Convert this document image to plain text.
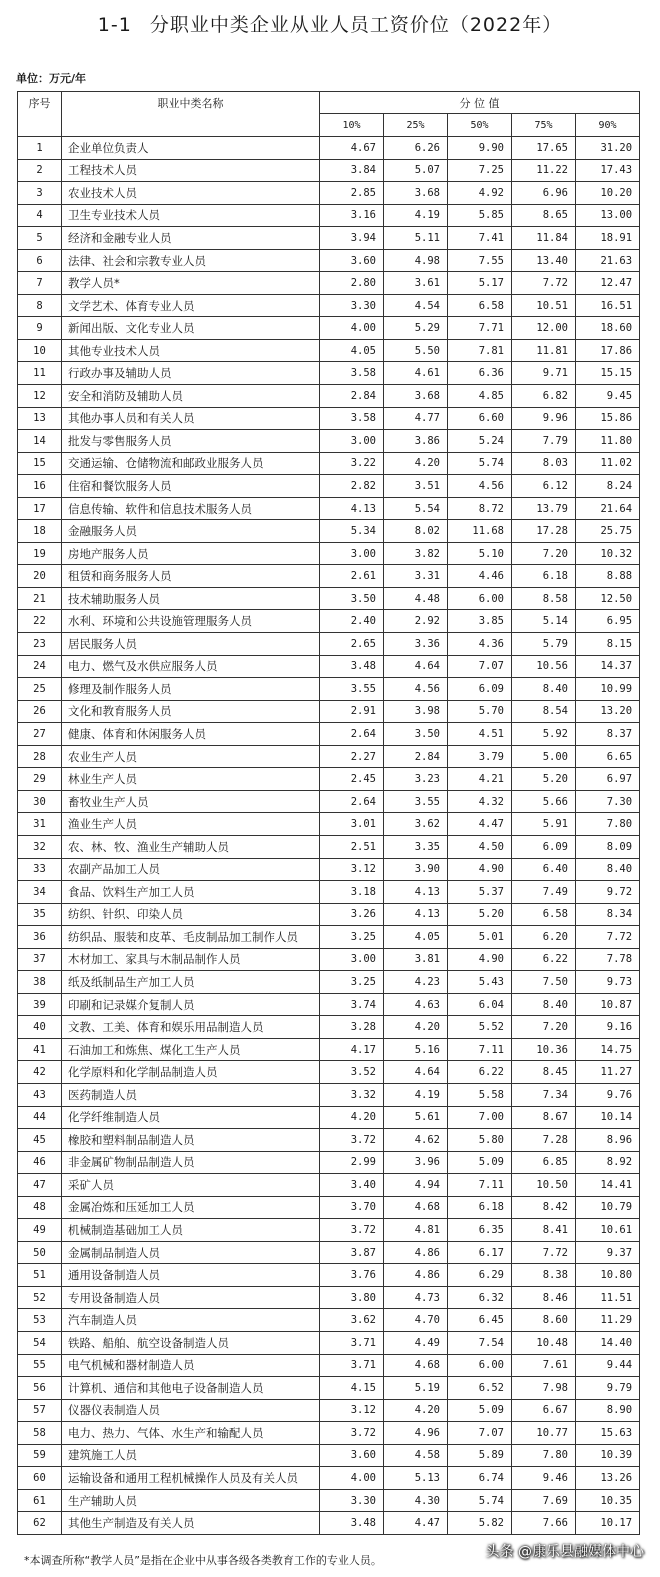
1-1 分职业中类企业从业人员工资价位（2022年）
单位：万元/年
序号	职业中类名称	分 位 值				
		10%	25%	50%	75%	90%
1	企业单位负责人	4.67	6.26	9.90	17.65	31.20
2	工程技术人员	3.84	5.07	7.25	11.22	17.43
3	农业技术人员	2.85	3.68	4.92	6.96	10.20
4	卫生专业技术人员	3.16	4.19	5.85	8.65	13.00
5	经济和金融专业人员	3.94	5.11	7.41	11.84	18.91
6	法律、社会和宗教专业人员	3.60	4.98	7.55	13.40	21.63
7	教学人员*	2.80	3.61	5.17	7.72	12.47
8	文学艺术、体育专业人员	3.30	4.54	6.58	10.51	16.51
9	新闻出版、文化专业人员	4.00	5.29	7.71	12.00	18.60
10	其他专业技术人员	4.05	5.50	7.81	11.81	17.86
11	行政办事及辅助人员	3.58	4.61	6.36	9.71	15.15
12	安全和消防及辅助人员	2.84	3.68	4.85	6.82	9.45
13	其他办事人员和有关人员	3.58	4.77	6.60	9.96	15.86
14	批发与零售服务人员	3.00	3.86	5.24	7.79	11.80
15	交通运输、仓储物流和邮政业服务人员	3.22	4.20	5.74	8.03	11.02
16	住宿和餐饮服务人员	2.82	3.51	4.56	6.12	8.24
17	信息传输、软件和信息技术服务人员	4.13	5.54	8.72	13.79	21.64
18	金融服务人员	5.34	8.02	11.68	17.28	25.75
19	房地产服务人员	3.00	3.82	5.10	7.20	10.32
20	租赁和商务服务人员	2.61	3.31	4.46	6.18	8.88
21	技术辅助服务人员	3.50	4.48	6.00	8.58	12.50
22	水利、环境和公共设施管理服务人员	2.40	2.92	3.85	5.14	6.95
23	居民服务人员	2.65	3.36	4.36	5.79	8.15
24	电力、燃气及水供应服务人员	3.48	4.64	7.07	10.56	14.37
25	修理及制作服务人员	3.55	4.56	6.09	8.40	10.99
26	文化和教育服务人员	2.91	3.98	5.70	8.54	13.20
27	健康、体育和休闲服务人员	2.64	3.50	4.51	5.92	8.37
28	农业生产人员	2.27	2.84	3.79	5.00	6.65
29	林业生产人员	2.45	3.23	4.21	5.20	6.97
30	畜牧业生产人员	2.64	3.55	4.32	5.66	7.30
31	渔业生产人员	3.01	3.62	4.47	5.91	7.80
32	农、林、牧、渔业生产辅助人员	2.51	3.35	4.50	6.09	8.09
33	农副产品加工人员	3.12	3.90	4.90	6.40	8.40
34	食品、饮料生产加工人员	3.18	4.13	5.37	7.49	9.72
35	纺织、针织、印染人员	3.26	4.13	5.20	6.58	8.34
36	纺织品、服装和皮革、毛皮制品加工制作人员	3.25	4.05	5.01	6.20	7.72
37	木材加工、家具与木制品制作人员	3.00	3.81	4.90	6.22	7.78
38	纸及纸制品生产加工人员	3.25	4.23	5.43	7.50	9.73
39	印刷和记录媒介复制人员	3.74	4.63	6.04	8.40	10.87
40	文教、工美、体育和娱乐用品制造人员	3.28	4.20	5.52	7.20	9.16
41	石油加工和炼焦、煤化工生产人员	4.17	5.16	7.11	10.36	14.75
42	化学原料和化学制品制造人员	3.52	4.64	6.22	8.45	11.27
43	医药制造人员	3.32	4.19	5.58	7.34	9.76
44	化学纤维制造人员	4.20	5.61	7.00	8.67	10.14
45	橡胶和塑料制品制造人员	3.72	4.62	5.80	7.28	8.96
46	非金属矿物制品制造人员	2.99	3.96	5.09	6.85	8.92
47	采矿人员	3.40	4.94	7.11	10.50	14.41
48	金属冶炼和压延加工人员	3.70	4.68	6.18	8.42	10.79
49	机械制造基础加工人员	3.72	4.81	6.35	8.41	10.61
50	金属制品制造人员	3.87	4.86	6.17	7.72	9.37
51	通用设备制造人员	3.76	4.86	6.29	8.38	10.80
52	专用设备制造人员	3.80	4.73	6.32	8.46	11.51
53	汽车制造人员	3.62	4.70	6.45	8.60	11.29
54	铁路、船舶、航空设备制造人员	3.71	4.49	7.54	10.48	14.40
55	电气机械和器材制造人员	3.71	4.68	6.00	7.61	9.44
56	计算机、通信和其他电子设备制造人员	4.15	5.19	6.52	7.98	9.79
57	仪器仪表制造人员	3.12	4.20	5.09	6.67	8.90
58	电力、热力、气体、水生产和输配人员	3.72	4.96	7.07	10.77	15.63
59	建筑施工人员	3.60	4.58	5.89	7.80	10.39
60	运输设备和通用工程机械操作人员及有关人员	4.00	5.13	6.74	9.46	13.26
61	生产辅助人员	3.30	4.30	5.74	7.69	10.35
62	其他生产制造及有关人员	3.48	4.47	5.82	7.66	10.17
*本调查所称“教学人员”是指在企业中从事各级各类教育工作的专业人员。
头条 @康乐县融媒体中心
